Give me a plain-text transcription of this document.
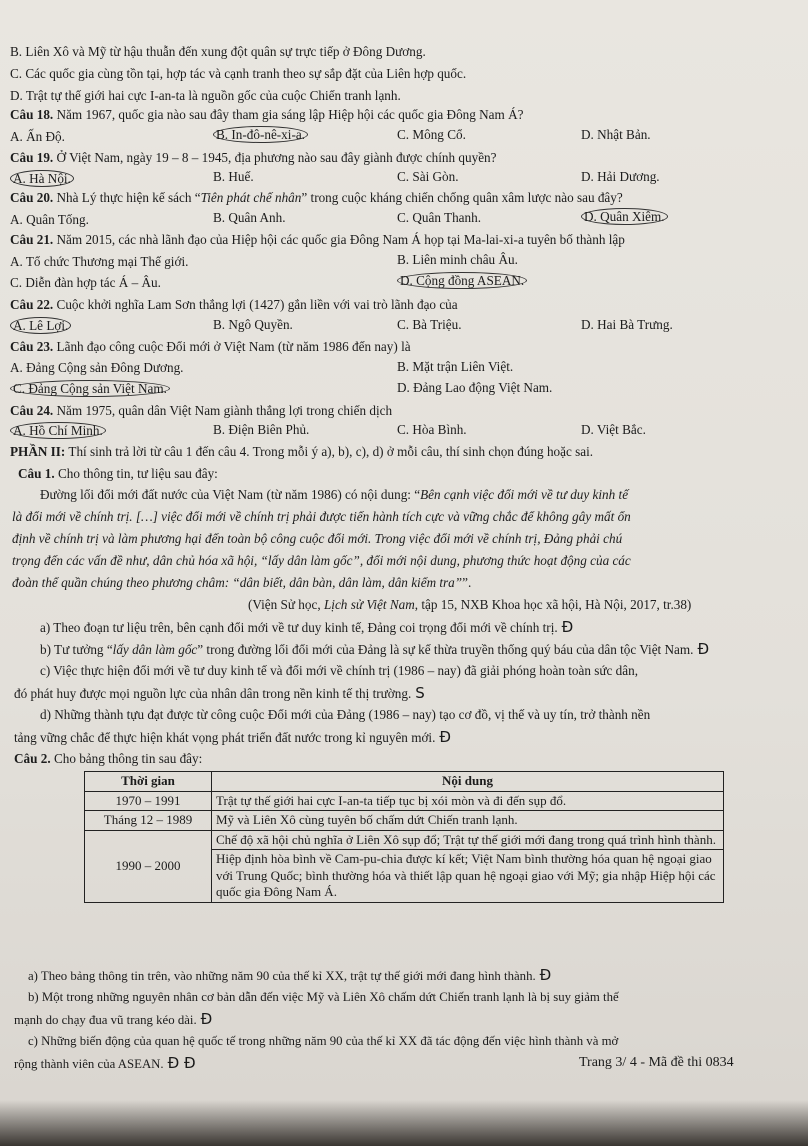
B. Liên Xô và Mỹ từ hậu thuẫn đến xung đột quân sự trực tiếp ở Đông Dương.
C. Các quốc gia cùng tồn tại, hợp tác và cạnh tranh theo sự sắp đặt của Liên hợp quốc.
D. Trật tự thế giới hai cực I-an-ta là nguồn gốc của cuộc Chiến tranh lạnh.
Câu 18. Năm 1967, quốc gia nào sau đây tham gia sáng lập Hiệp hội các quốc gia Đông Nam Á?
A. Ấn Độ.	B. In-đô-nê-xi-a.	C. Mông Cổ.	D. Nhật Bản.
Câu 19. Ở Việt Nam, ngày 19 – 8 – 1945, địa phương nào sau đây giành được chính quyền?
A. Hà Nội.	B. Huế.	C. Sài Gòn.	D. Hải Dương.
Câu 20. Nhà Lý thực hiện kế sách “Tiên phát chế nhân” trong cuộc kháng chiến chống quân xâm lược nào sau đây?
A. Quân Tống.	B. Quân Anh.	C. Quân Thanh.	D. Quân Xiêm.
Câu 21. Năm 2015, các nhà lãnh đạo của Hiệp hội các quốc gia Đông Nam Á họp tại Ma-lai-xi-a tuyên bố thành lập
A. Tổ chức Thương mại Thế giới.	B. Liên minh châu Âu.
C. Diễn đàn hợp tác Á – Âu.	D. Cộng đồng ASEAN.
Câu 22. Cuộc khởi nghĩa Lam Sơn thắng lợi (1427) gắn liền với vai trò lãnh đạo của
A. Lê Lợi.	B. Ngô Quyền.	C. Bà Triệu.	D. Hai Bà Trưng.
Câu 23. Lãnh đạo công cuộc Đổi mới ở Việt Nam (từ năm 1986 đến nay) là
A. Đảng Cộng sản Đông Dương.	B. Mặt trận Liên Việt.
C. Đảng Cộng sản Việt Nam.	D. Đảng Lao động Việt Nam.
Câu 24. Năm 1975, quân dân Việt Nam giành thắng lợi trong chiến dịch
A. Hồ Chí Minh.	B. Điện Biên Phủ.	C. Hòa Bình.	D. Việt Bắc.
PHẦN II: Thí sinh trả lời từ câu 1 đến câu 4. Trong mỗi ý a), b), c), d) ở mỗi câu, thí sinh chọn đúng hoặc sai.
Câu 1. Cho thông tin, tư liệu sau đây:
Đường lối đổi mới đất nước của Việt Nam (từ năm 1986) có nội dung: “Bên cạnh việc đổi mới về tư duy kinh tế
là đổi mới về chính trị. […] việc đổi mới về chính trị phải được tiến hành tích cực và vững chắc để không gây mất ổn
định về chính trị và làm phương hại đến toàn bộ công cuộc đổi mới. Trong việc đổi mới về chính trị, Đảng phải chú
trọng đến các vấn đề như, dân chủ hóa xã hội, “lấy dân làm gốc”, đổi mới nội dung, phương thức hoạt động của các
đoàn thể quần chúng theo phương châm: “dân biết, dân bàn, dân làm, dân kiểm tra””.
(Viện Sử học, Lịch sử Việt Nam, tập 15, NXB Khoa học xã hội, Hà Nội, 2017, tr.38)
a) Theo đoạn tư liệu trên, bên cạnh đổi mới về tư duy kinh tế, Đảng coi trọng đổi mới về chính trị. Đ
b) Tư tưởng “lấy dân làm gốc” trong đường lối đổi mới của Đảng là sự kế thừa truyền thống quý báu của dân tộc Việt Nam. Đ
c) Việc thực hiện đổi mới về tư duy kinh tế và đổi mới về chính trị (1986 – nay) đã giải phóng hoàn toàn sức dân,
đó phát huy được mọi nguồn lực của nhân dân trong nền kinh tế thị trường. S
d) Những thành tựu đạt được từ công cuộc Đổi mới của Đảng (1986 – nay) tạo cơ đồ, vị thế và uy tín, trở thành nền
tảng vững chắc để thực hiện khát vọng phát triển đất nước trong kỉ nguyên mới. Đ
Câu 2. Cho bảng thông tin sau đây:
Thời gian	Nội dung
1970 – 1991	Trật tự thế giới hai cực I-an-ta tiếp tục bị xói mòn và đi đến sụp đổ.
Tháng 12 – 1989	Mỹ và Liên Xô cùng tuyên bố chấm dứt Chiến tranh lạnh.
1990 – 2000	Chế độ xã hội chủ nghĩa ở Liên Xô sụp đổ; Trật tự thế giới mới đang trong quá trình hình thành.
	Hiệp định hòa bình về Cam-pu-chia được kí kết; Việt Nam bình thường hóa quan hệ ngoại giao với Trung Quốc; bình thường hóa và thiết lập quan hệ ngoại giao với Mỹ; gia nhập Hiệp hội các quốc gia Đông Nam Á.
a) Theo bảng thông tin trên, vào những năm 90 của thế kỉ XX, trật tự thế giới mới đang hình thành. Đ
b) Một trong những nguyên nhân cơ bản dẫn đến việc Mỹ và Liên Xô chấm dứt Chiến tranh lạnh là bị suy giảm thế
mạnh do chạy đua vũ trang kéo dài. Đ
c) Những biến động của quan hệ quốc tế trong những năm 90 của thế kỉ XX đã tác động đến việc hình thành và mở
rộng thành viên của ASEAN. Đ Đ	Trang 3/ 4 - Mã đề thi 0834
